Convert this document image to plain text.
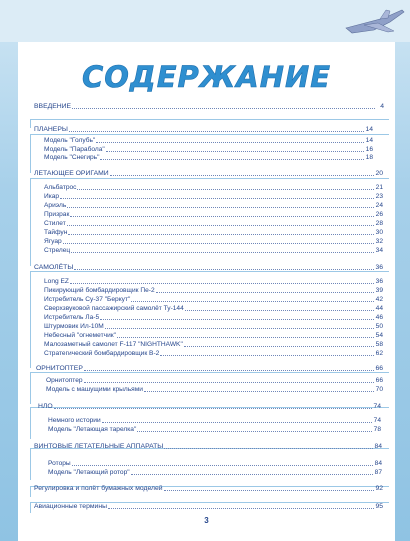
СОДЕРЖАНИЕ
ВВЕДЕНИЕ	4
ПЛАНЕРЫ	14
Модель "Голубь"	14
Модель "Парабола"	16
Модель "Снегирь"	18
ЛЕТАЮЩЕЕ ОРИГАМИ	20
Альбатрос	21
Икар	23
Ариэль	24
Призрак	26
Стилет	28
Тайфун	30
Ягуар	32
Стрелец	34
САМОЛЁТЫ	36
Long EZ	36
Пикирующий бомбардировщик Пе-2	39
Истребитель Су-37 "Беркут"	42
Сверхзвуковой пассажирский самолёт Ту-144	44
Истребитель Ла-5	46
Штурмовик Ил-10М	50
Небесный "огнеметчик"	54
Малозаметный самолет F-117 "NIGHTHAWK"	58
Стратегический бомбардировщик В-2	62
ОРНИТОПТЕР	66
Орнитоптер	66
Модель с машущими крыльями	70
НЛО	74
Немного истории	74
Модель "Летающая тарелка"	78
ВИНТОВЫЕ ЛЕТАТЕЛЬНЫЕ АППАРАТЫ	84
Роторы	84
Модель "Летающий ротор"	87
Регулировка и полёт бумажных моделей	92
Авиационные термины	95
3
